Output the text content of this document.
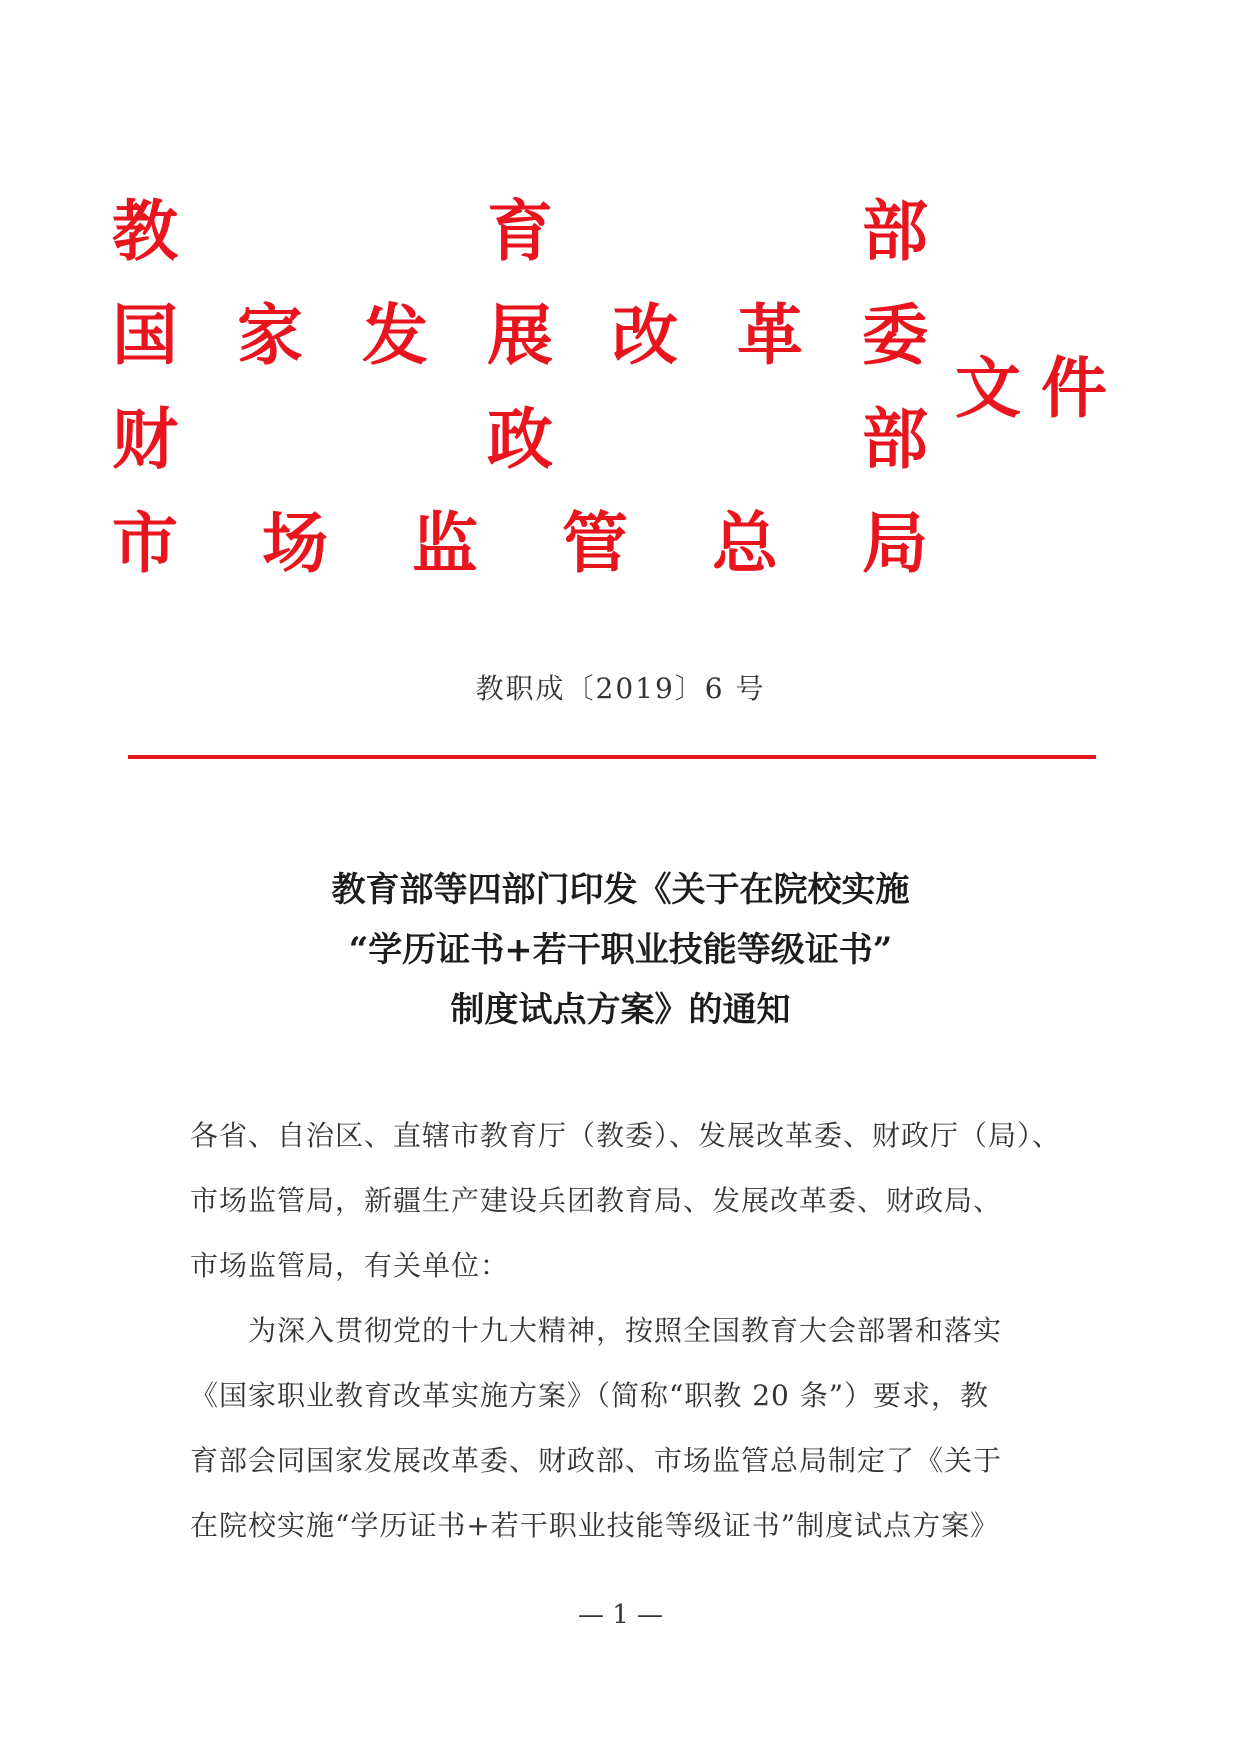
教	育	部
国 家 发 展 改 革 委
财	政	部
市 场 监 管 总 局
文件
教职成〔2019〕6 号
教育部等四部门印发《关于在院校实施
“学历证书+若干职业技能等级证书”
制度试点方案》的通知
各省、自治区、直辖市教育厅（教委）、发展改革委、财政厅（局）、
市场监管局，新疆生产建设兵团教育局、发展改革委、财政局、
市场监管局，有关单位：
　　为深入贯彻党的十九大精神，按照全国教育大会部署和落实
《国家职业教育改革实施方案》（简称“职教 20 条”）要求，教
育部会同国家发展改革委、财政部、市场监管总局制定了《关于
在院校实施“学历证书+若干职业技能等级证书”制度试点方案》
— 1 —
